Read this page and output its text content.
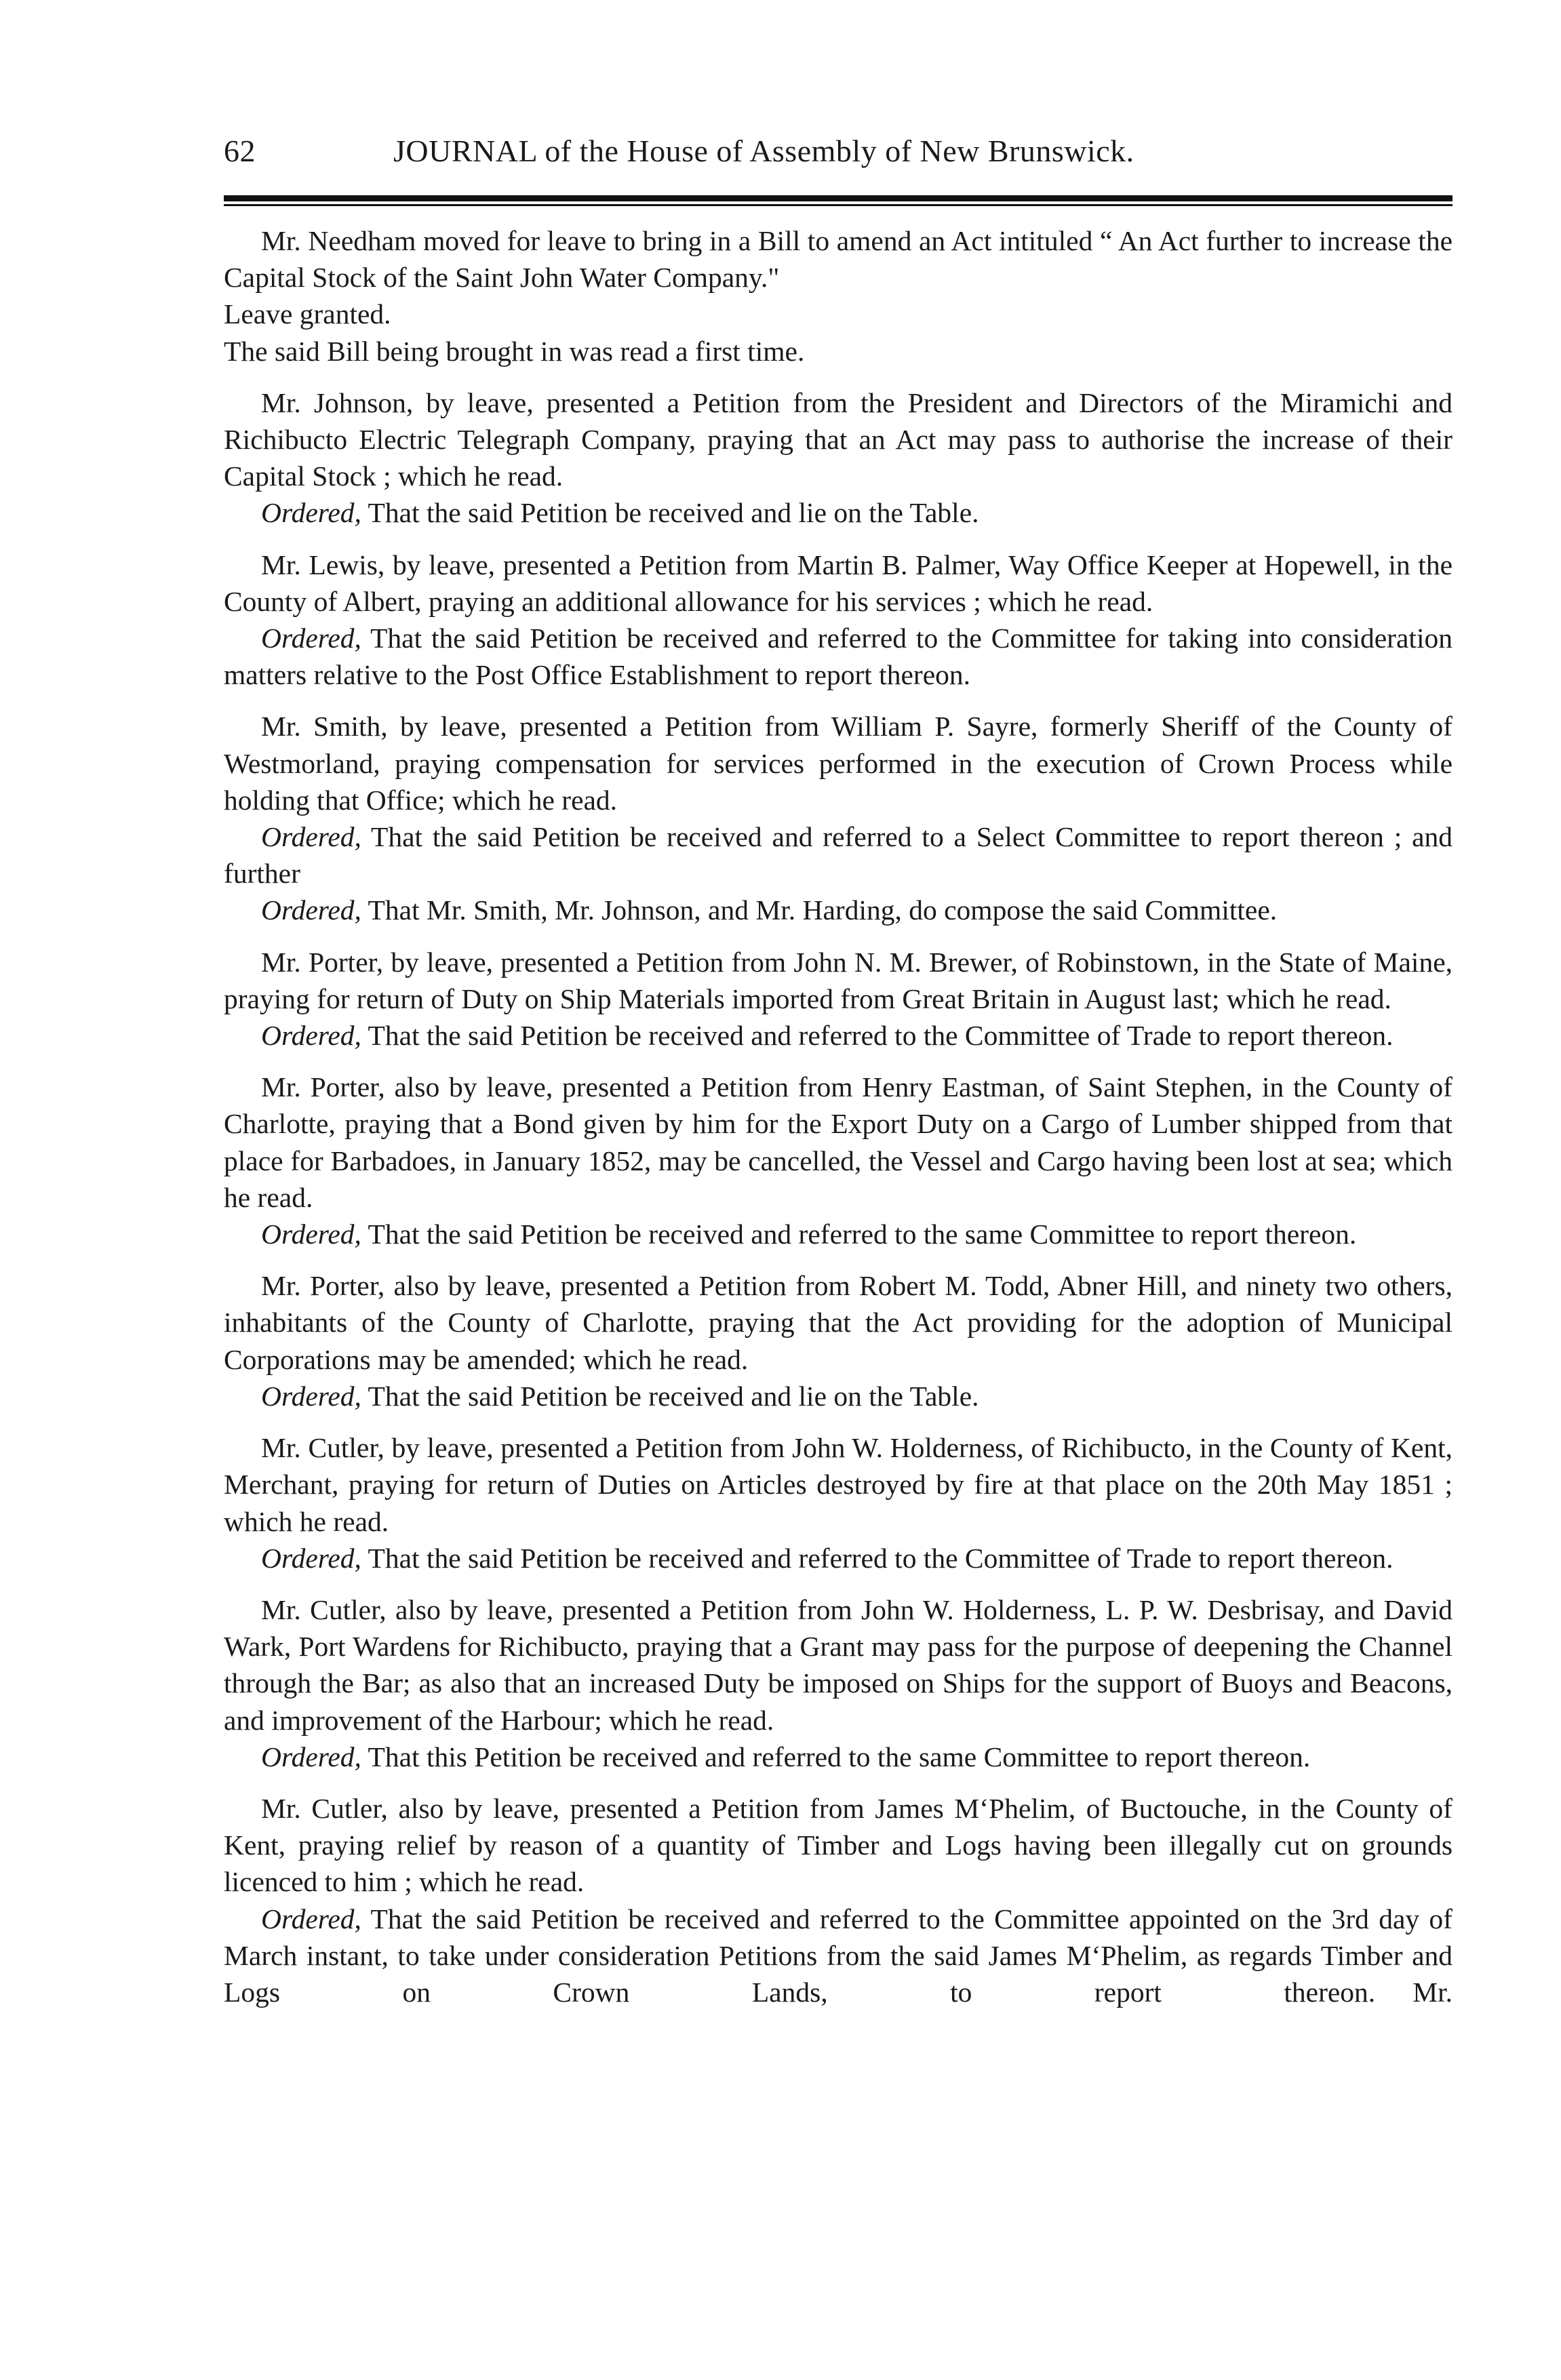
62	JOURNAL of the House of Assembly of New Brunswick.

Mr. Needham moved for leave to bring in a Bill to amend an Act intituled “ An Act further to increase the Capital Stock of the Saint John Water Company."

Leave granted.

The said Bill being brought in was read a first time.

Mr. Johnson, by leave, presented a Petition from the President and Directors of the Miramichi and Richibucto Electric Telegraph Company, praying that an Act may pass to authorise the increase of their Capital Stock ; which he read.

Ordered, That the said Petition be received and lie on the Table.

Mr. Lewis, by leave, presented a Petition from Martin B. Palmer, Way Office Keeper at Hopewell, in the County of Albert, praying an additional allowance for his services ; which he read.

Ordered, That the said Petition be received and referred to the Committee for taking into consideration matters relative to the Post Office Establishment to report thereon.

Mr. Smith, by leave, presented a Petition from William P. Sayre, formerly Sheriff of the County of Westmorland, praying compensation for services performed in the execution of Crown Process while holding that Office; which he read.

Ordered, That the said Petition be received and referred to a Select Committee to report thereon ; and further

Ordered, That Mr. Smith, Mr. Johnson, and Mr. Harding, do compose the said Committee.

Mr. Porter, by leave, presented a Petition from John N. M. Brewer, of Robinstown, in the State of Maine, praying for return of Duty on Ship Materials imported from Great Britain in August last; which he read.

Ordered, That the said Petition be received and referred to the Committee of Trade to report thereon.

Mr. Porter, also by leave, presented a Petition from Henry Eastman, of Saint Stephen, in the County of Charlotte, praying that a Bond given by him for the Export Duty on a Cargo of Lumber shipped from that place for Barbadoes, in January 1852, may be cancelled, the Vessel and Cargo having been lost at sea; which he read.

Ordered, That the said Petition be received and referred to the same Committee to report thereon.

Mr. Porter, also by leave, presented a Petition from Robert M. Todd, Abner Hill, and ninety two others, inhabitants of the County of Charlotte, praying that the Act providing for the adoption of Municipal Corporations may be amended; which he read.

Ordered, That the said Petition be received and lie on the Table.

Mr. Cutler, by leave, presented a Petition from John W. Holderness, of Richibucto, in the County of Kent, Merchant, praying for return of Duties on Articles destroyed by fire at that place on the 20th May 1851 ; which he read.

Ordered, That the said Petition be received and referred to the Committee of Trade to report thereon.

Mr. Cutler, also by leave, presented a Petition from John W. Holderness, L. P. W. Desbrisay, and David Wark, Port Wardens for Richibucto, praying that a Grant may pass for the purpose of deepening the Channel through the Bar; as also that an increased Duty be imposed on Ships for the support of Buoys and Beacons, and improvement of the Harbour; which he read.

Ordered, That this Petition be received and referred to the same Committee to report thereon.

Mr. Cutler, also by leave, presented a Petition from James M‘Phelim, of Buctouche, in the County of Kent, praying relief by reason of a quantity of Timber and Logs having been illegally cut on grounds licenced to him ; which he read.

Ordered, That the said Petition be received and referred to the Committee appointed on the 3rd day of March instant, to take under consideration Petitions from the said James M‘Phelim, as regards Timber and Logs on Crown Lands, to report thereon.	Mr.
